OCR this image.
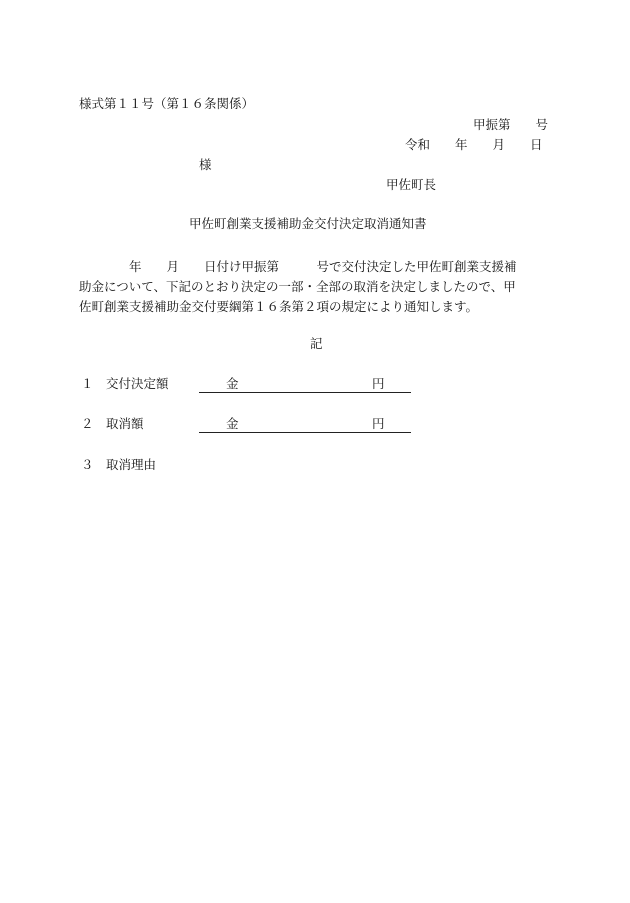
様式第１１号（第１６条関係）
甲振第　　号
令和　　年　　月　　日
様
甲佐町長
甲佐町創業支援補助金交付決定取消通知書
　　　　年　　月　　日付け甲振第　　　号で交付決定した甲佐町創業支援補
助金について、下記のとおり決定の一部・全部の取消を決定しましたので、甲
佐町創業支援補助金交付要綱第１６条第２項の規定により通知します。
記
１ 交付決定額	金	円
２ 取消額	金	円
３ 取消理由
